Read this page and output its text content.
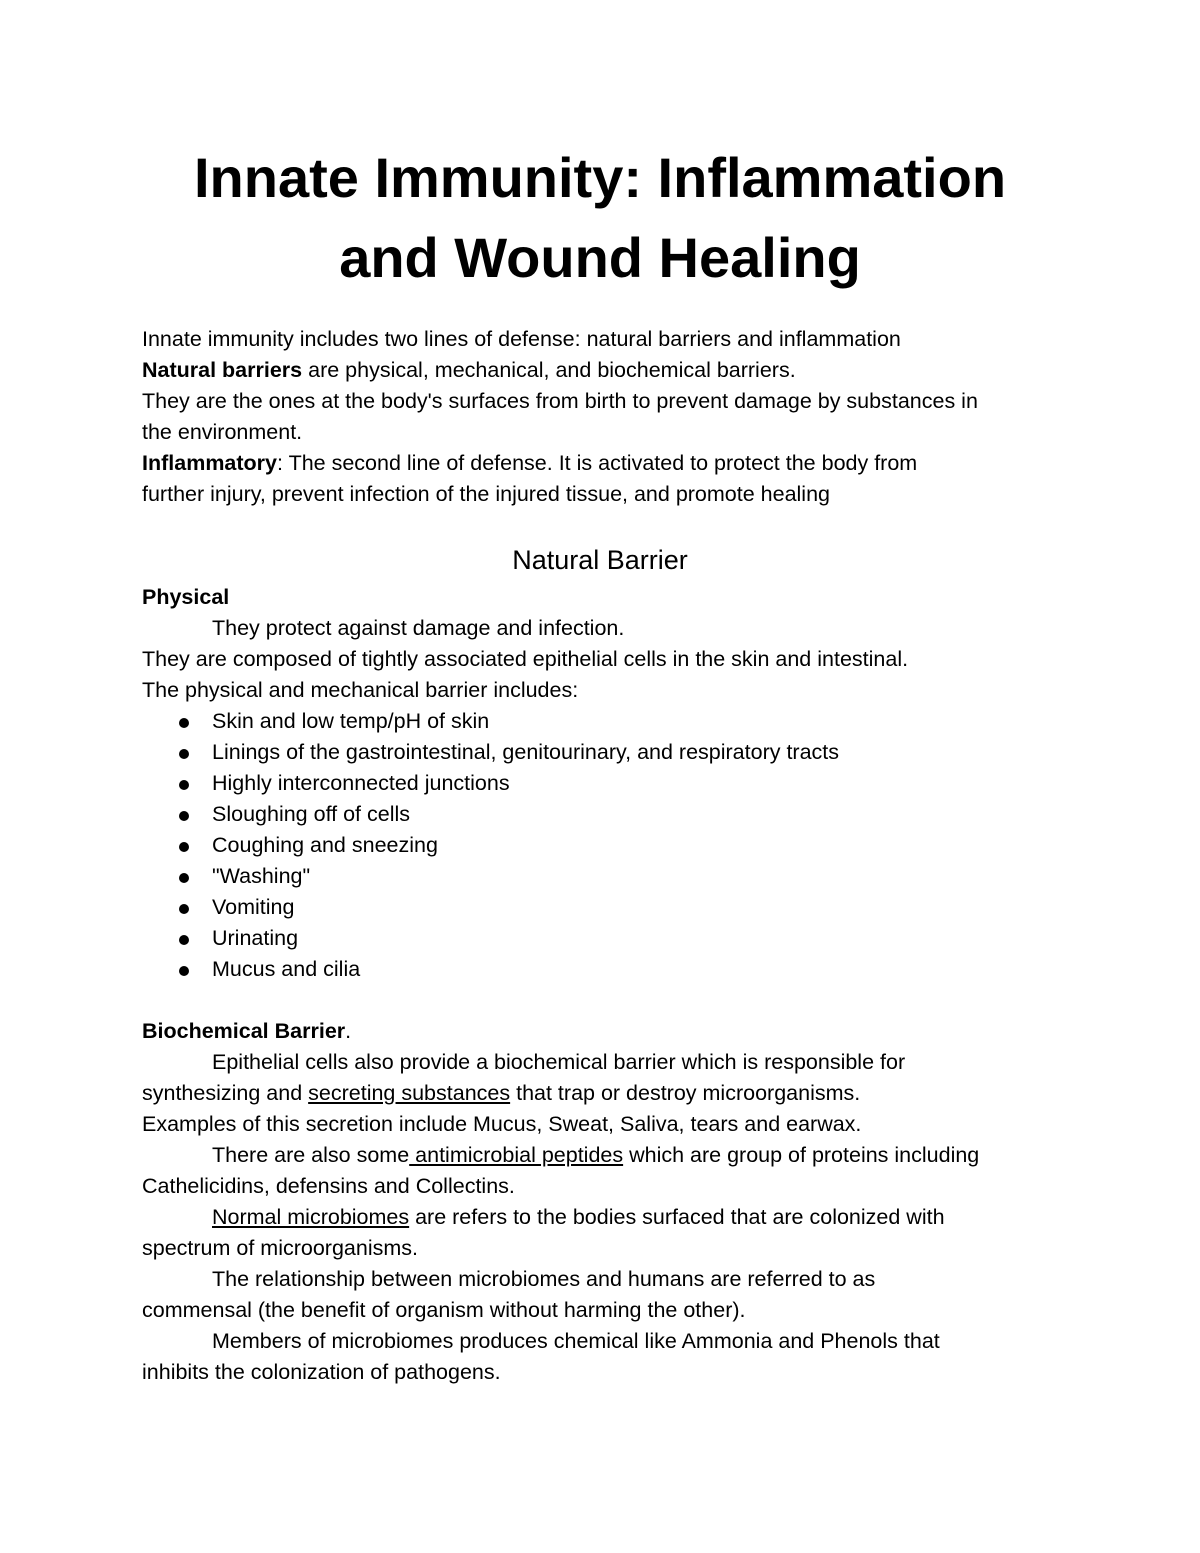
Innate Immunity: Inflammation
and Wound Healing
Innate immunity includes two lines of defense: natural barriers and inflammation
Natural barriers are physical, mechanical, and biochemical barriers.
They are the ones at the body's surfaces from birth to prevent damage by substances in
the environment.
Inflammatory: The second line of defense. It is activated to protect the body from
further injury, prevent infection of the injured tissue, and promote healing
Natural Barrier
Physical
They protect against damage and infection.
They are composed of tightly associated epithelial cells in the skin and intestinal.
The physical and mechanical barrier includes:
Skin and low temp/pH of skin
Linings of the gastrointestinal, genitourinary, and respiratory tracts
Highly interconnected junctions
Sloughing off of cells
Coughing and sneezing
"Washing"
Vomiting
Urinating
Mucus and cilia
Biochemical Barrier.
Epithelial cells also provide a biochemical barrier which is responsible for
synthesizing and secreting substances that trap or destroy microorganisms.
Examples of this secretion include Mucus, Sweat, Saliva, tears and earwax.
There are also some antimicrobial peptides which are group of proteins including
Cathelicidins, defensins and Collectins.
Normal microbiomes are refers to the bodies surfaced that are colonized with
spectrum of microorganisms.
The relationship between microbiomes and humans are referred to as
commensal (the benefit of organism without harming the other).
Members of microbiomes produces chemical like Ammonia and Phenols that
inhibits the colonization of pathogens.
